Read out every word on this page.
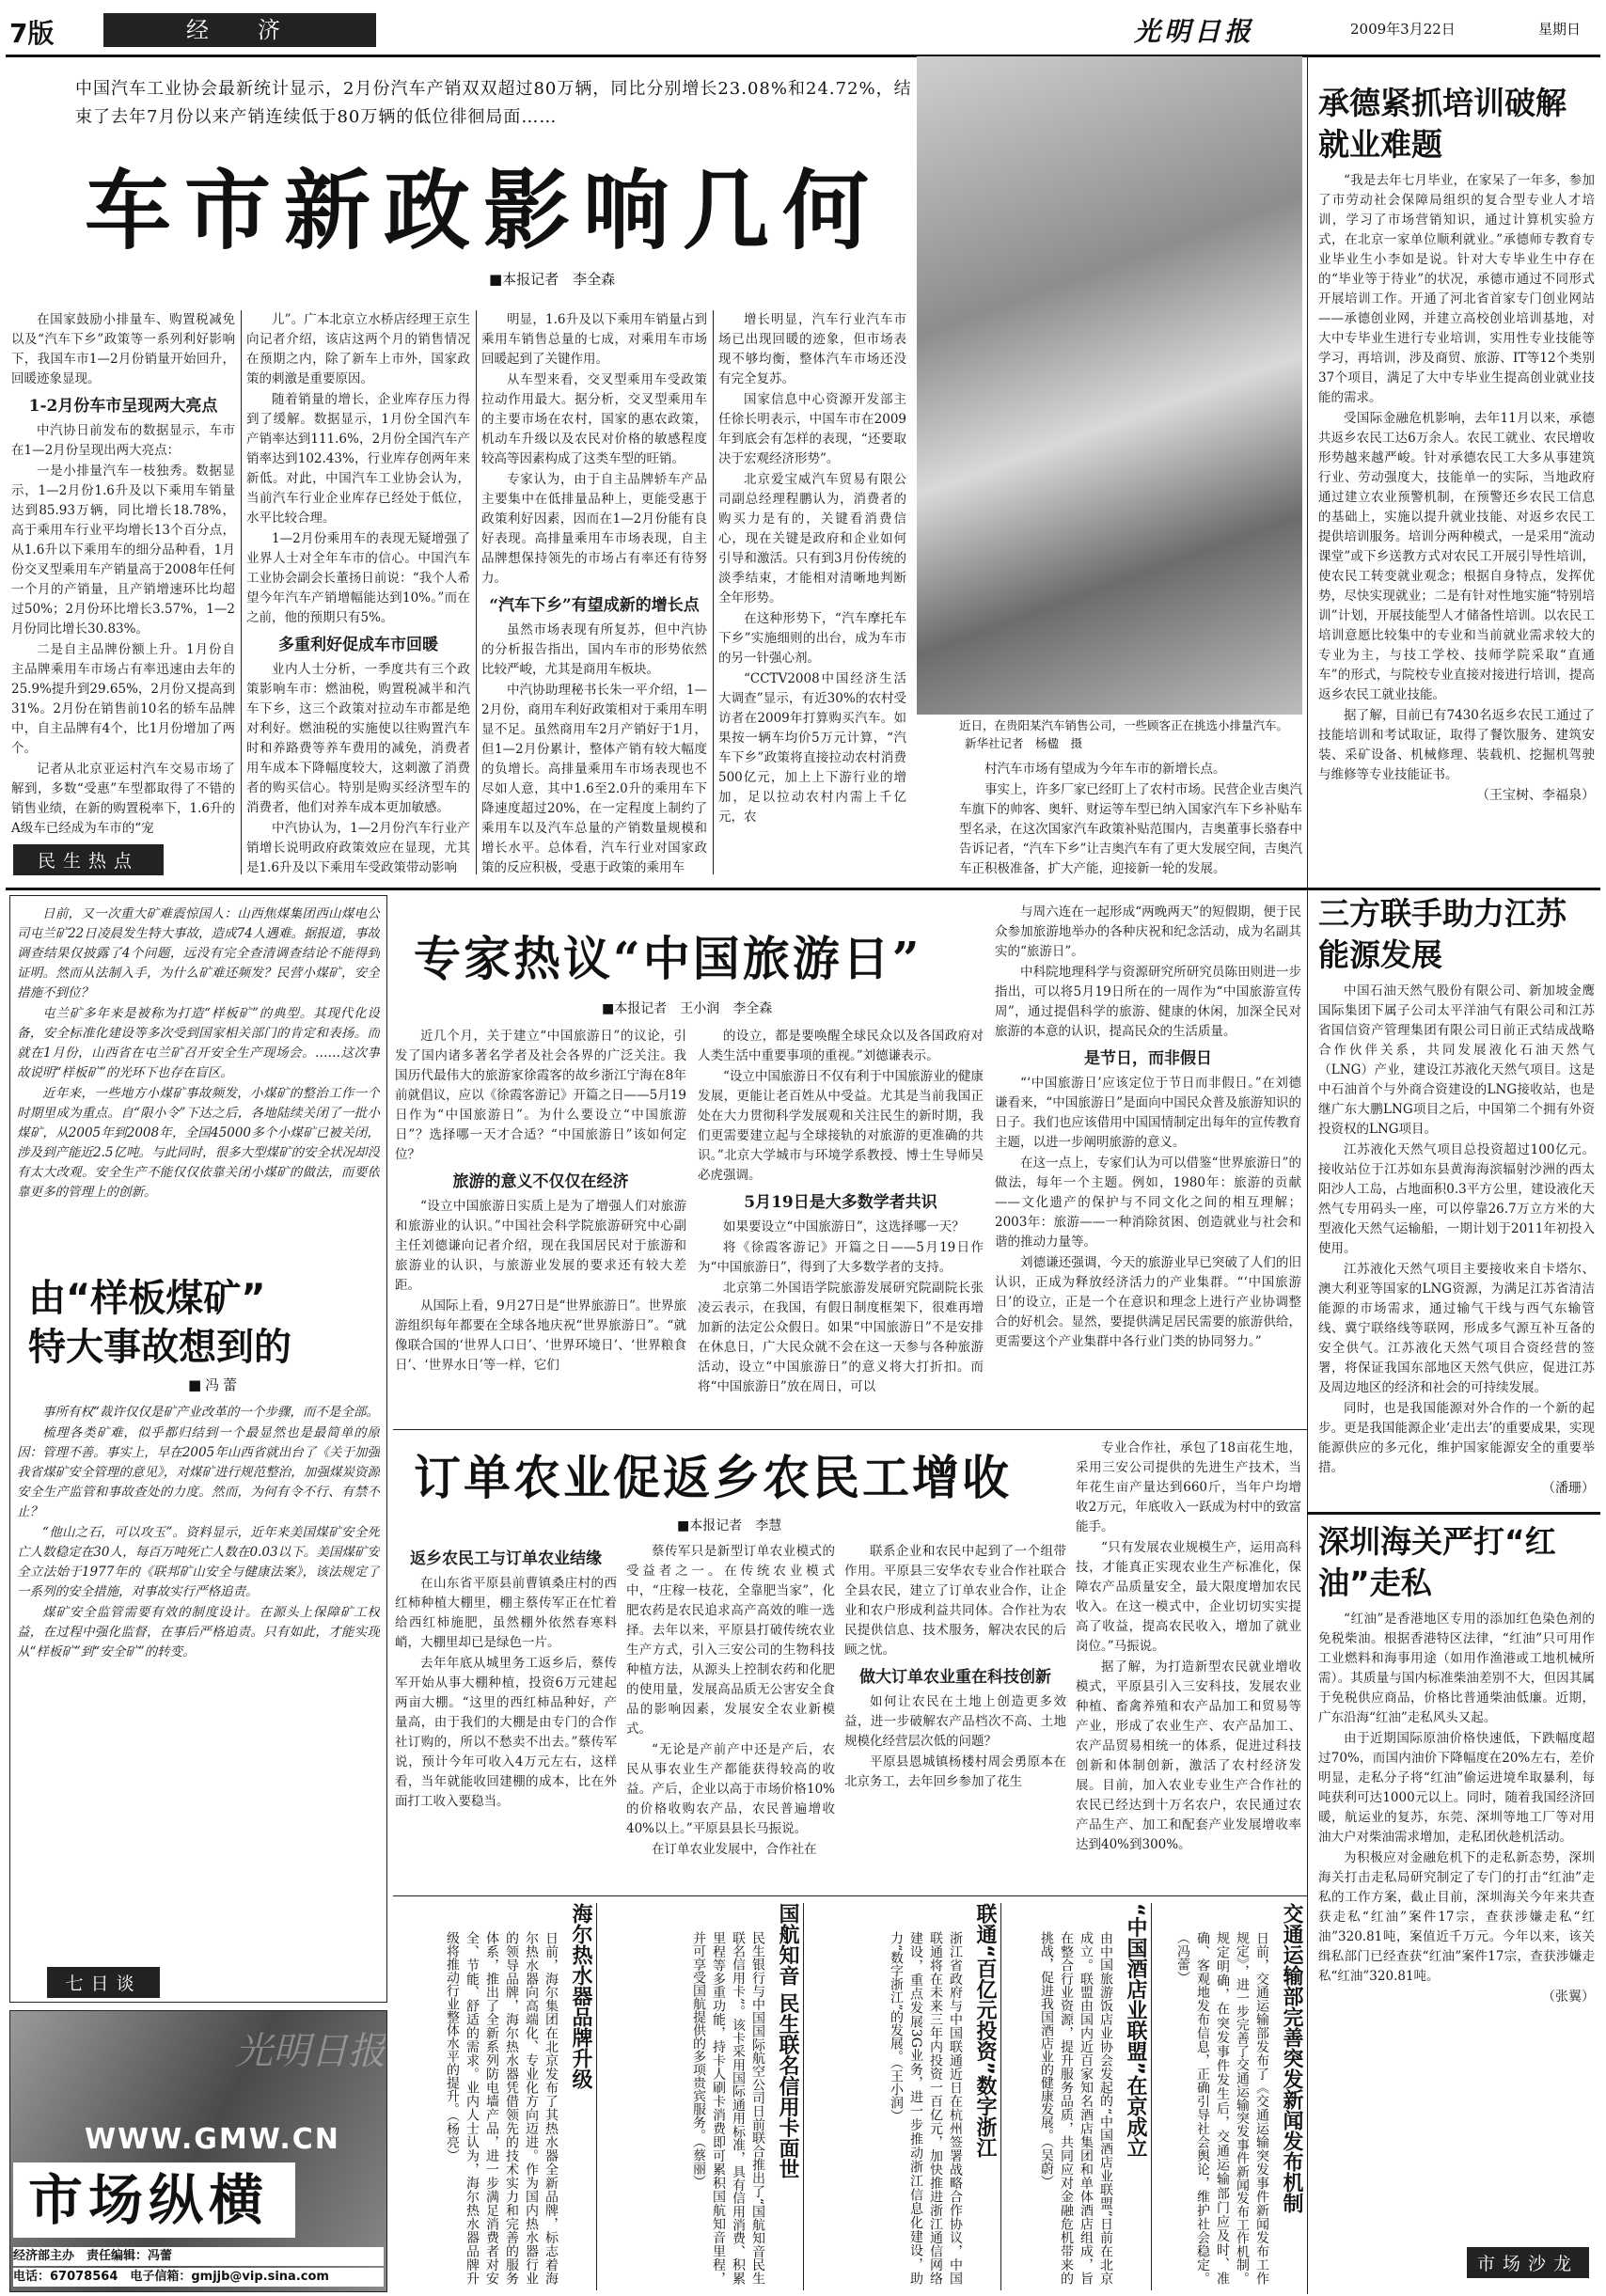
7版	经　济	光明日报	2009年3月22日	星期日
中国汽车工业协会最新统计显示，2月份汽车产销双双超过80万辆，同比分别增长23.08%和24.72%，结束了去年7月份以来产销连续低于80万辆的低位徘徊局面……
车市新政影响几何
■本报记者　李全森

在国家鼓励小排量车、购置税减免以及“汽车下乡”政策等一系列利好影响下，我国车市1—2月份销量开始回升，回暖迹象显现。

1-2月份车市呈现两大亮点

中汽协日前发布的数据显示，车市在1—2月份呈现出两大亮点：

一是小排量汽车一枝独秀。数据显示，1—2月份1.6升及以下乘用车销量达到85.93万辆，同比增长18.78%，高于乘用车行业平均增长13个百分点，从1.6升以下乘用车的细分品种看，1月份交叉型乘用车产销量高于2008年任何一个月的产销量，且产销增速环比均超过50%；2月份环比增长3.57%，1—2月份同比增长30.83%。

二是自主品牌份额上升。1月份自主品牌乘用车市场占有率迅速由去年的25.9%提升到29.65%，2月份又提高到31%。2月份在销售前10名的轿车品牌中，自主品牌有4个，比1月份增加了两个。

记者从北京亚运村汽车交易市场了解到，多数“受惠”车型都取得了不错的销售业绩，在新的购置税率下，1.6升的A级车已经成为车市的“宠

儿”。广本北京立水桥店经理王京生向记者介绍，该店这两个月的销售情况在预期之内，除了新车上市外，国家政策的刺激是重要原因。

随着销量的增长，企业库存压力得到了缓解。数据显示，1月份全国汽车产销率达到111.6%，2月份全国汽车产销率达到102.43%，行业库存创两年来新低。对此，中国汽车工业协会认为，当前汽车行业企业库存已经处于低位，水平比较合理。

1—2月份乘用车的表现无疑增强了业界人士对全年车市的信心。中国汽车工业协会副会长董扬日前说：“我个人希望今年汽车产销增幅能达到10%。”而在之前，他的预期只有5%。

多重利好促成车市回暖

业内人士分析，一季度共有三个政策影响车市：燃油税，购置税减半和汽车下乡，这三个政策对拉动车市都是绝对利好。燃油税的实施使以往购置汽车时和养路费等养车费用的减免，消费者用车成本下降幅度较大，这刺激了消费者的购买信心。特别是购买经济型车的消费者，他们对养车成本更加敏感。

中汽协认为，1—2月份汽车行业产销增长说明政府政策效应在显现，尤其是1.6升及以下乘用车受政策带动影响

明显，1.6升及以下乘用车销量占到乘用车销售总量的七成，对乘用车市场回暖起到了关键作用。

从车型来看，交叉型乘用车受政策拉动作用最大。据分析，交叉型乘用车的主要市场在农村，国家的惠农政策，机动车升级以及农民对价格的敏感程度较高等因素构成了这类车型的旺销。

专家认为，由于自主品牌轿车产品主要集中在低排量品种上，更能受惠于政策利好因素，因而在1—2月份能有良好表现。高排量乘用车市场表现，自主品牌想保持领先的市场占有率还有待努力。

“汽车下乡”有望成新的增长点

虽然市场表现有所复苏，但中汽协的分析报告指出，国内车市的形势依然比较严峻，尤其是商用车板块。

中汽协助理秘书长朱一平介绍，1—2月份，商用车利好政策相对于乘用车明显不足。虽然商用车2月产销好于1月，但1—2月份累计，整体产销有较大幅度的负增长。高排量乘用车市场表现也不尽如人意，其中1.6至2.0升的乘用车下降速度超过20%，在一定程度上制约了乘用车以及汽车总量的产销数量规模和增长水平。总体看，汽车行业对国家政策的反应积极，受惠于政策的乘用车

增长明显，汽车行业汽车市场已出现回暖的迹象，但市场表现不够均衡，整体汽车市场还没有完全复苏。

国家信息中心资源开发部主任徐长明表示，中国车市在2009年到底会有怎样的表现，“还要取决于宏观经济形势”。

北京爱宝威汽车贸易有限公司副总经理程鹏认为，消费者的购买力是有的，关键看消费信心，现在关键是政府和企业如何引导和激活。只有到3月份传统的淡季结束，才能相对清晰地判断全年形势。

在这种形势下，“汽车摩托车下乡”实施细则的出台，成为车市的另一针强心剂。

“CCTV2008中国经济生活大调查”显示，有近30%的农村受访者在2009年打算购买汽车。如果按一辆车均价5万元计算，“汽车下乡”政策将直接拉动农村消费500亿元，加上上下游行业的增加，足以拉动农村内需上千亿元，农

近日，在贵阳某汽车销售公司，一些顾客正在挑选小排量汽车。 新华社记者　杨楹　摄

村汽车市场有望成为今年车市的新增长点。

事实上，许多厂家已经盯上了农村市场。民营企业吉奥汽车旗下的帅客、奥轩、财运等车型已纳入国家汽车下乡补贴车型名录，在这次国家汽车政策补贴范围内，吉奥董事长骆春中告诉记者，“汽车下乡”让吉奥汽车有了更大发展空间，吉奥汽车正积极准备，扩大产能，迎接新一轮的发展。

民生热点
承德紧抓培训破解就业难题

“我是去年七月毕业，在家呆了一年多，参加了市劳动社会保障局组织的复合型专业人才培训，学习了市场营销知识，通过计算机实验方式，在北京一家单位顺利就业。”承德师专教育专业毕业生小李如是说。针对大专毕业生中存在的“毕业等于待业”的状况，承德市通过不同形式开展培训工作。开通了河北省首家专门创业网站——承德创业网，并建立高校创业培训基地，对大中专毕业生进行专业培训，实用性专业技能等学习，再培训，涉及商贸、旅游、IT等12个类别37个项目，满足了大中专毕业生提高创业就业技能的需求。

受国际金融危机影响，去年11月以来，承德共返乡农民工达6万余人。农民工就业、农民增收形势越来越严峻。针对承德农民工大多从事建筑行业、劳动强度大，技能单一的实际，当地政府通过建立农业预警机制，在预警还乡农民工信息的基础上，实施以提升就业技能、对返乡农民工提供培训服务。培训分两种模式，一是采用“流动课堂”或下乡送教方式对农民工开展引导性培训，使农民工转变就业观念；根据自身特点，发挥优势，尽快实现就业；二是有针对性地实施“特别培训”计划，开展技能型人才储备性培训。以农民工培训意愿比较集中的专业和当前就业需求较大的专业为主，与技工学校、技师学院采取“直通车”的形式，与院校专业直接对接进行培训，提高返乡农民工就业技能。

据了解，目前已有7430名返乡农民工通过了技能培训和考试取证，取得了餐饮服务、建筑安装、采矿设备、机械修理、装载机、挖掘机驾驶与维修等专业技能证书。

（王宝树、李福泉）

日前，又一次重大矿难震惊国人：山西焦煤集团西山煤电公司屯兰矿22日凌晨发生特大事故，造成74人遇难。据报道，事故调查结果仅披露了4个问题，远没有完全查清调查结论不能得到证明。然而从法制入手，为什么矿难还频发？民营小煤矿，安全措施不到位？

屯兰矿多年来是被称为打造“样板矿”的典型。其现代化设备，安全标准化建设等多次受到国家相关部门的肯定和表扬。而就在1月份，山西省在屯兰矿召开安全生产现场会。……这次事故说明“样板矿”的光环下也存在盲区。

近年来，一些地方小煤矿事故频发，小煤矿的整治工作一个时期里成为重点。自“限小令”下达之后，各地陆续关闭了一批小煤矿，从2005年到2008年，全国45000多个小煤矿已被关闭，涉及到产能近2.5亿吨。与此同时，很多大型煤矿的安全状况却没有太大改观。安全生产不能仅仅依靠关闭小煤矿的做法，而要依靠更多的管理上的创新。

由“样板煤矿”
特大事故想到的
■冯蕾

事所有权“裁许仅仅是矿产业改革的一个步骤，而不是全部。

梳理各类矿难，似乎都归结到一个最显然也是最简单的原因：管理不善。事实上，早在2005年山西省就出台了《关于加强我省煤矿安全管理的意见》，对煤矿进行规范整治，加强煤炭资源安全生产监管和事故查处的力度。然而，为何有令不行、有禁不止？

“他山之石，可以攻玉”。资料显示，近年来美国煤矿安全死亡人数稳定在30人，每百万吨死亡人数在0.03以下。美国煤矿安全立法始于1977年的《联邦矿山安全与健康法案》，该法规定了一系列的安全措施，对事故实行严格追责。

煤矿安全监管需要有效的制度设计。在源头上保障矿工权益，在过程中强化监督，在事后严格追责。只有如此，才能实现从“样板矿”到“安全矿”的转变。

七日谈
专家热议“中国旅游日”
■本报记者　王小润　李全森

近几个月，关于建立“中国旅游日”的议论，引发了国内诸多著名学者及社会各界的广泛关注。我国历代最伟大的旅游家徐霞客的故乡浙江宁海在8年前就倡议，应以《徐霞客游记》开篇之日——5月19日作为“中国旅游日”。为什么要设立“中国旅游日”？选择哪一天才合适？“中国旅游日”该如何定位？

旅游的意义不仅仅在经济

“设立中国旅游日实质上是为了增强人们对旅游和旅游业的认识。”中国社会科学院旅游研究中心副主任刘德谦向记者介绍，现在我国居民对于旅游和旅游业的认识，与旅游业发展的要求还有较大差距。

从国际上看，9月27日是“世界旅游日”。世界旅游组织每年都要在全球各地庆祝“世界旅游日”。“就像联合国的‘世界人口日’、‘世界环境日’、‘世界粮食日’、‘世界水日’等一样，它们

的设立，都是要唤醒全球民众以及各国政府对人类生活中重要事项的重视。”刘德谦表示。

“设立中国旅游日不仅有利于中国旅游业的健康发展，更能让老百姓从中受益。尤其是当前我国正处在大力贯彻科学发展观和关注民生的新时期，我们更需要建立起与全球接轨的对旅游的更准确的共识。”北京大学城市与环境学系教授、博士生导师吴必虎强调。

5月19日是大多数学者共识

如果要设立“中国旅游日”，这选择哪一天？

将《徐霞客游记》开篇之日——5月19日作为“中国旅游日”，得到了大多数学者的支持。

北京第二外国语学院旅游发展研究院副院长张凌云表示，在我国，有假日制度框架下，很难再增加新的法定公众假日。如果“中国旅游日”不是安排在休息日，广大民众就不会在这一天参与各种旅游活动，设立“中国旅游日”的意义将大打折扣。而将“中国旅游日”放在周日，可以

与周六连在一起形成“两晚两天”的短假期，便于民众参加旅游地举办的各种庆祝和纪念活动，成为名副其实的“旅游日”。

中科院地理科学与资源研究所研究员陈田则进一步指出，可以将5月19日所在的一周作为“中国旅游宣传周”，通过提倡科学的旅游、健康的休闲，加深全民对旅游的本意的认识，提高民众的生活质量。

是节日，而非假日

“‘中国旅游日’应该定位于节日而非假日。”在刘德谦看来，“中国旅游日”是面向中国民众普及旅游知识的日子。我们也应该借用中国国情制定出每年的宣传教育主题，以进一步阐明旅游的意义。

在这一点上，专家们认为可以借鉴“世界旅游日”的做法，每年一个主题。例如，1980年：旅游的贡献——文化遗产的保护与不同文化之间的相互理解；2003年：旅游——一种消除贫困、创造就业与社会和谐的推动力量等。

刘德谦还强调，今天的旅游业早已突破了人们的旧认识，正成为释放经济活力的产业集群。“‘中国旅游日’的设立，正是一个在意识和理念上进行产业协调整合的好机会。显然，要提供满足居民需要的旅游供给，更需要这个产业集群中各行业门类的协同努力。”

三方联手助力江苏能源发展

中国石油天然气股份有限公司、新加坡金鹰国际集团下属子公司太平洋油气有限公司和江苏省国信资产管理集团有限公司日前正式结成战略合作伙伴关系，共同发展液化石油天然气（LNG）产业，建设江苏液化天然气项目。这是中石油首个与外商合资建设的LNG接收站，也是继广东大鹏LNG项目之后，中国第二个拥有外资投资权的LNG项目。

江苏液化天然气项目总投资超过100亿元。接收站位于江苏如东县黄海海滨辐射沙洲的西太阳沙人工岛，占地面积0.3平方公里，建设液化天然气专用码头一座，可以停靠26.7万立方米的大型液化天然气运输船，一期计划于2011年初投入使用。

江苏液化天然气项目主要接收来自卡塔尔、澳大利亚等国家的LNG资源，为满足江苏省清洁能源的市场需求，通过输气干线与西气东输管线、冀宁联络线等联网，形成多气源互补互备的安全供气。江苏液化天然气项目合资经营的签署，将保证我国东部地区天然气供应，促进江苏及周边地区的经济和社会的可持续发展。

同时，也是我国能源对外合作的一个新的起步。更是我国能源企业‘走出去’的重要成果，实现能源供应的多元化，维护国家能源安全的重要举措。

（潘珊）
订单农业促返乡农民工增收
■本报记者　李慧
返乡农民工与订单农业结缘

在山东省平原县前曹镇桑庄村的西红柿种植大棚里，棚主蔡传军正在忙着给西红柿施肥，虽然棚外依然春寒料峭，大棚里却已是绿色一片。

去年年底从城里务工返乡后，蔡传军开始从事大棚种植，投资6万元建起两亩大棚。“这里的西红柿品种好，产量高，由于我们的大棚是由专门的合作社订购的，所以不愁卖不出去。”蔡传军说，预计今年可收入4万元左右，这样看，当年就能收回建棚的成本，比在外面打工收入要稳当。

蔡传军只是新型订单农业模式的受益者之一。在传统农业模式中，“庄稼一枝花，全靠肥当家”，化肥农药是农民追求高产高效的唯一选择。去年以来，平原县打破传统农业生产方式，引入三安公司的生物科技种植方法，从源头上控制农药和化肥的使用量，发展高品质无公害安全食品的影响因素，发展安全农业新模式。

“无论是产前产中还是产后，农民从事农业生产都能获得较高的收益。产后，企业以高于市场价格10%的价格收购农产品，农民普遍增收40%以上。”平原县县长马振说。

在订单农业发展中，合作社在

联系企业和农民中起到了一个组带作用。平原县三安华农专业合作社联合全县农民，建立了订单农业合作，让企业和农户形成利益共同体。合作社为农民提供信息、技术服务，解决农民的后顾之忧。

做大订单农业重在科技创新

如何让农民在土地上创造更多效益，进一步破解农产品档次不高、土地规模化经营层次低的问题？

平原县恩城镇杨楼村周会勇原本在北京务工，去年回乡参加了花生

专业合作社，承包了18亩花生地，采用三安公司提供的先进生产技术，当年花生亩产量达到660斤，当年户均增收2万元，年底收入一跃成为村中的致富能手。

“只有发展农业规模生产，运用高科技，才能真正实现农业生产标准化，保障农产品质量安全，最大限度增加农民收入。在这一模式中，企业切切实实提高了收益，提高农民收入，增加了就业岗位。”马振说。

据了解，为打造新型农民就业增收模式，平原县引入三安科技，发展农业种植、畜禽养殖和农产品加工和贸易等产业，形成了农业生产、农产品加工、农产品贸易相统一的体系，促进过科技创新和体制创新，激活了农村经济发展。目前，加入农业专业生产合作社的农民已经达到十万名农户，农民通过农产品生产、加工和配套产业发展增收率达到40%到300%。

深圳海关严打“红油”走私

“红油”是香港地区专用的添加红色染色剂的免税柴油。根据香港特区法律，“红油”只可用作工业燃料和海事用途（如用作渔港或工地机械所需）。其质量与国内标准柴油差别不大，但因其属于免税供应商品，价格比普通柴油低廉。近期，广东沿海“红油”走私风头又起。

由于近期国际原油价格快速低，下跌幅度超过70%，而国内油价下降幅度在20%左右，差价明显，走私分子将“红油”偷运进境牟取暴利，每吨获利可达1000元以上。同时，随着我国经济回暖，航运业的复苏，东莞、深圳等地工厂等对用油大户对柴油需求增加，走私团伙趁机活动。

为积极应对金融危机下的走私新态势，深圳海关打击走私局研究制定了专门的打击“红油”走私的工作方案，截止目前，深圳海关今年来共查获走私“红油”案件17宗，查获涉嫌走私“红油”320.81吨，案值近千万元。今年以来，该关缉私部门已经查获“红油”案件17宗，查获涉嫌走私“红油”320.81吨。

（张翼）
市场沙龙
海尔热水器品牌升级
日前，海尔集团在北京发布了其热水器全新品牌，标志着海尔热水器向高端化、专业化方向迈进。作为国内热水器行业的领导品牌，海尔热水器凭借领先的技术实力和完善的服务体系，推出了全新系列防电墙产品，进一步满足消费者对安全、节能、舒适的需求。业内人士认为，海尔热水器品牌升级将推动行业整体水平的提升。（杨亮）	国航知音 民生联名信用卡面世
民生银行与中国国际航空公司日前联合推出了“国航知音民生联名信用卡”。该卡采用国际通用标准，具有信用消费、积累里程等多重功能，持卡人刷卡消费即可累积国航知音里程，并可享受国航提供的多项贵宾服务。（蔡丽）	联通“百亿元投资”数字浙江
浙江省政府与中国联通近日在杭州签署战略合作协议，中国联通将在未来三年内投资一百亿元，加快推进浙江通信网络建设，重点发展3G业务，进一步推动浙江信息化建设，助力“数字浙江”的发展。（王小润）	“中国酒店业联盟”在京成立
由中国旅游饭店业协会发起的“中国酒店业联盟”日前在北京成立。联盟由国内近百家知名酒店集团和单体酒店组成，旨在整合行业资源，提升服务品质，共同应对金融危机带来的挑战，促进我国酒店业的健康发展。（吴蔚）	交通运输部完善突发新闻发布机制
日前，交通运输部发布了《交通运输突发事件新闻发布工作规定》，进一步完善了交通运输突发事件新闻发布工作机制。规定明确，在突发事件发生后，交通运输部门应及时、准确、客观地发布信息，正确引导社会舆论，维护社会稳定。（冯蕾）
WWW.GMW.CN
光明日报
市场纵横
经济部主办　责任编辑：冯蕾
电话：67078564　电子信箱：gmjjb@vip.sina.com
